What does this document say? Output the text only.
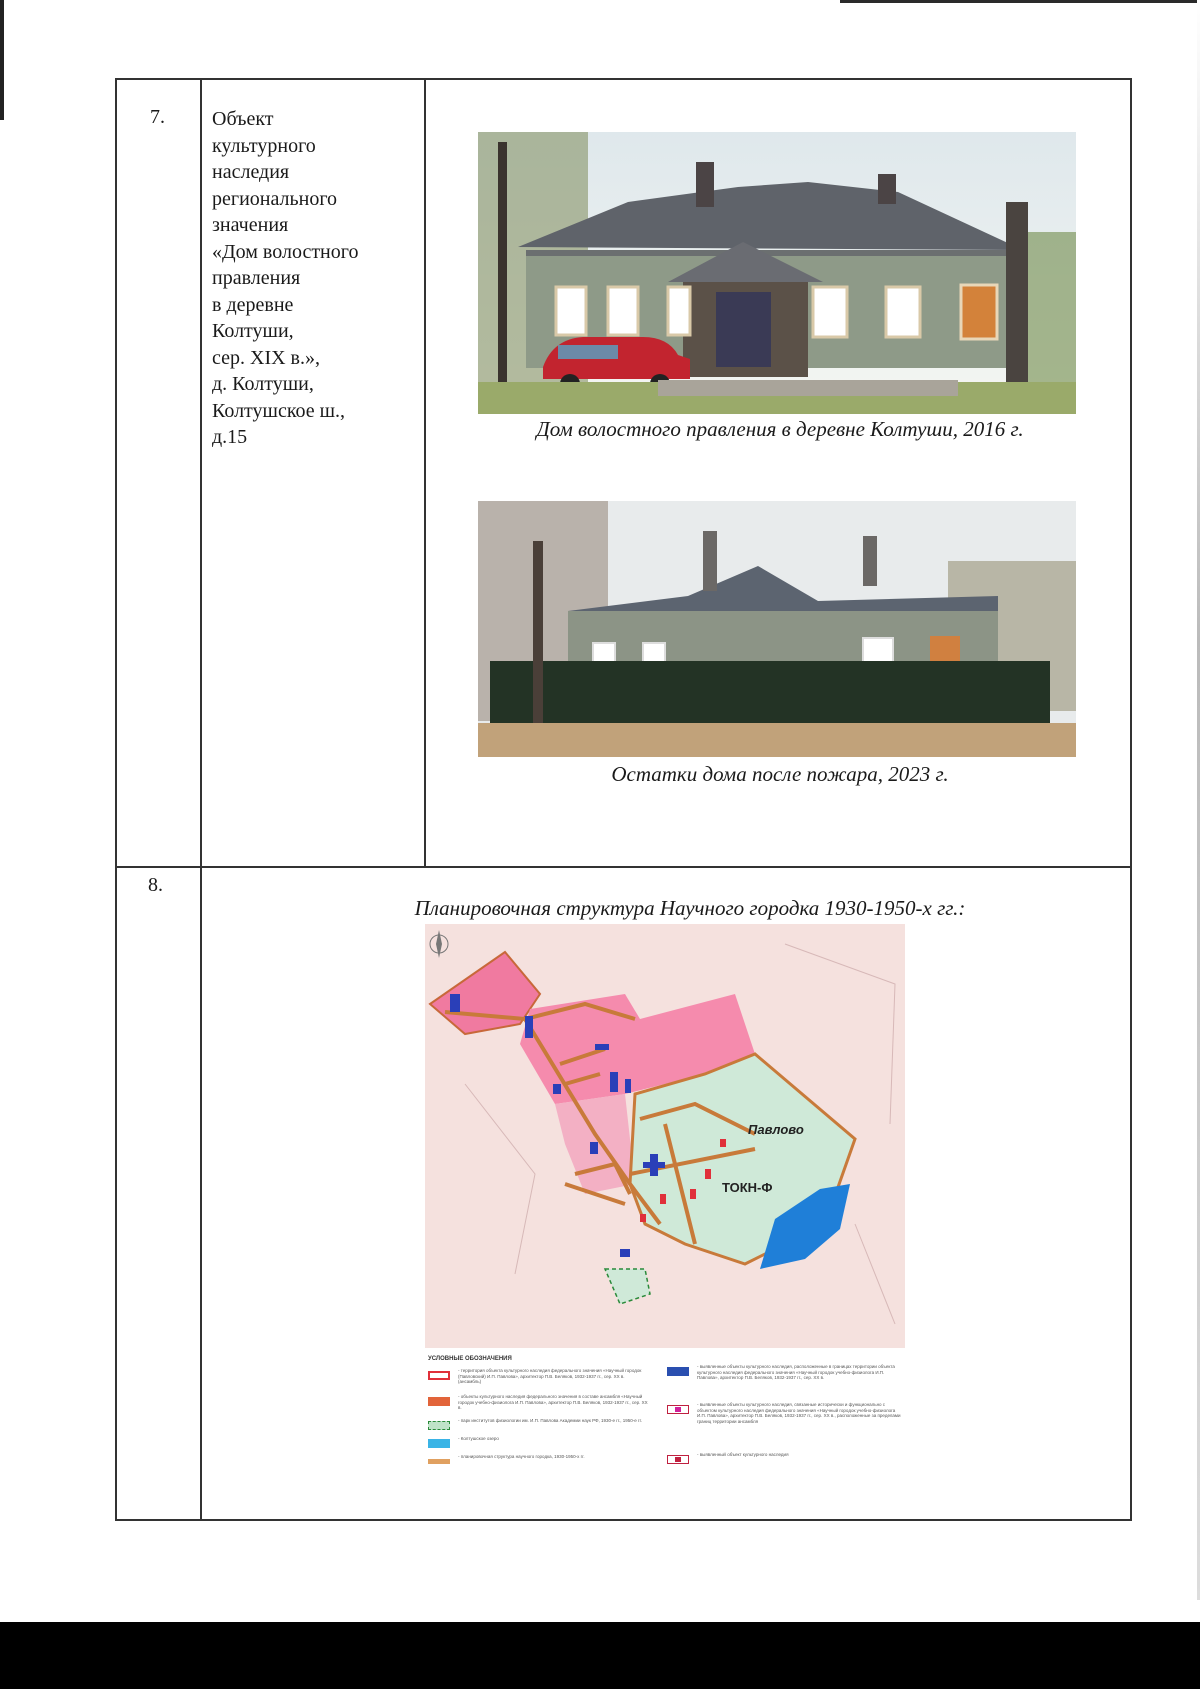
7. Объект
культурного
наследия
регионального
значения
«Дом волостного
правления
в деревне
Колтуши,
сер. XIX в.»,
д. Колтуши,
Колтушское ш.,
д.15	Дом волостного правления в деревне Колтуши, 2016 г.
Остатки дома после пожара, 2023 г.
8.
Планировочная структура Научного городка 1930-1950-х гг.:
Павлово
ТОКН-Ф
УСЛОВНЫЕ ОБОЗНАЧЕНИЯ
- территория объекта культурного наследия федерального значения «Научный городок (Павловский) И.П. Павлова», архитектор П.В. Беляков, 1932-1937 гг., сер. XX в. (ансамбль)
- объекты культурного наследия федерального значения в составе ансамбля «Научный городок учебно-физиолога И.П. Павлова», архитектор П.В. Беляков, 1932-1937 гг., сер. XX в.
- парк институтов физиологии им. И.П. Павлова Академии наук РФ, 1930-е гг., 1950-е гг.
- Колтушское озеро
- планировочная структура научного городка, 1930-1950-х гг.
- выявленные объекты культурного наследия, расположенные в границах территории объекта культурного наследия федерального значения «Научный городок учебно-физиолога И.П. Павлова», архитектор П.В. Беляков, 1932-1937 гг., сер. XX в.
- выявленные объекты культурного наследия, связанные исторически и функционально с объектом культурного наследия федерального значения «Научный городок учебно-физиолога И.П. Павлова», архитектор П.В. Беляков, 1932-1937 гг., сер. XX в., расположенные за пределами границ территории ансамбля
- выявленный объект культурного наследия
